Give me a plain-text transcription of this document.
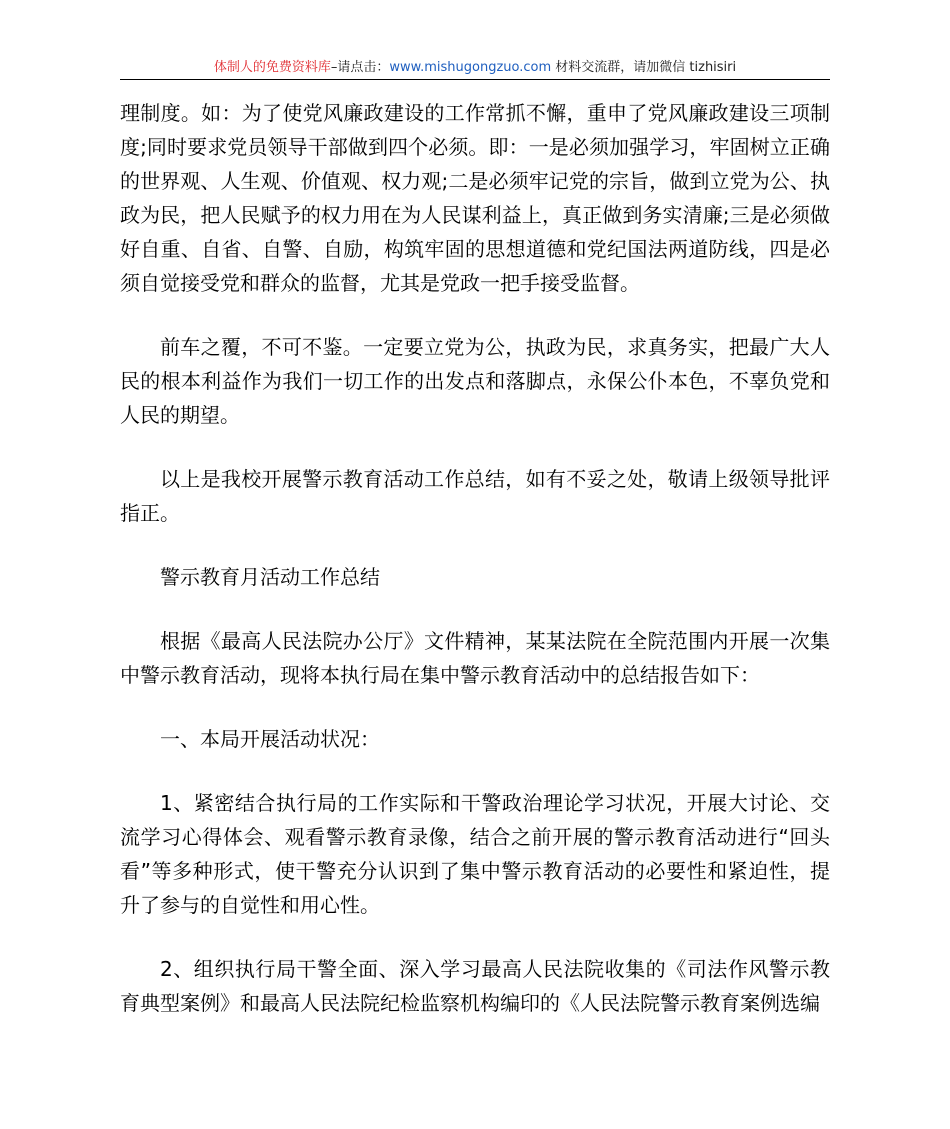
体制人的免费资料库–请点击：www.mishugongzuo.com 材料交流群，请加微信 tizhisiri

理制度。如：为了使党风廉政建设的工作常抓不懈，重申了党风廉政建设三项制度;同时要求党员领导干部做到四个必须。即：一是必须加强学习，牢固树立正确的世界观、人生观、价值观、权力观;二是必须牢记党的宗旨，做到立党为公、执政为民，把人民赋予的权力用在为人民谋利益上，真正做到务实清廉;三是必须做好自重、自省、自警、自励，构筑牢固的思想道德和党纪国法两道防线，四是必须自觉接受党和群众的监督，尤其是党政一把手接受监督。

前车之覆，不可不鉴。一定要立党为公，执政为民，求真务实，把最广大人民的根本利益作为我们一切工作的出发点和落脚点，永保公仆本色，不辜负党和人民的期望。

以上是我校开展警示教育活动工作总结，如有不妥之处，敬请上级领导批评指正。

警示教育月活动工作总结

根据《最高人民法院办公厅》文件精神，某某法院在全院范围内开展一次集中警示教育活动，现将本执行局在集中警示教育活动中的总结报告如下：

一、本局开展活动状况：

1、紧密结合执行局的工作实际和干警政治理论学习状况，开展大讨论、交流学习心得体会、观看警示教育录像，结合之前开展的警示教育活动进行“回头看”等多种形式，使干警充分认识到了集中警示教育活动的必要性和紧迫性，提升了参与的自觉性和用心性。

2、组织执行局干警全面、深入学习最高人民法院收集的《司法作风警示教育典型案例》和最高人民法院纪检监察机构编印的《人民法院警示教育案例选编
